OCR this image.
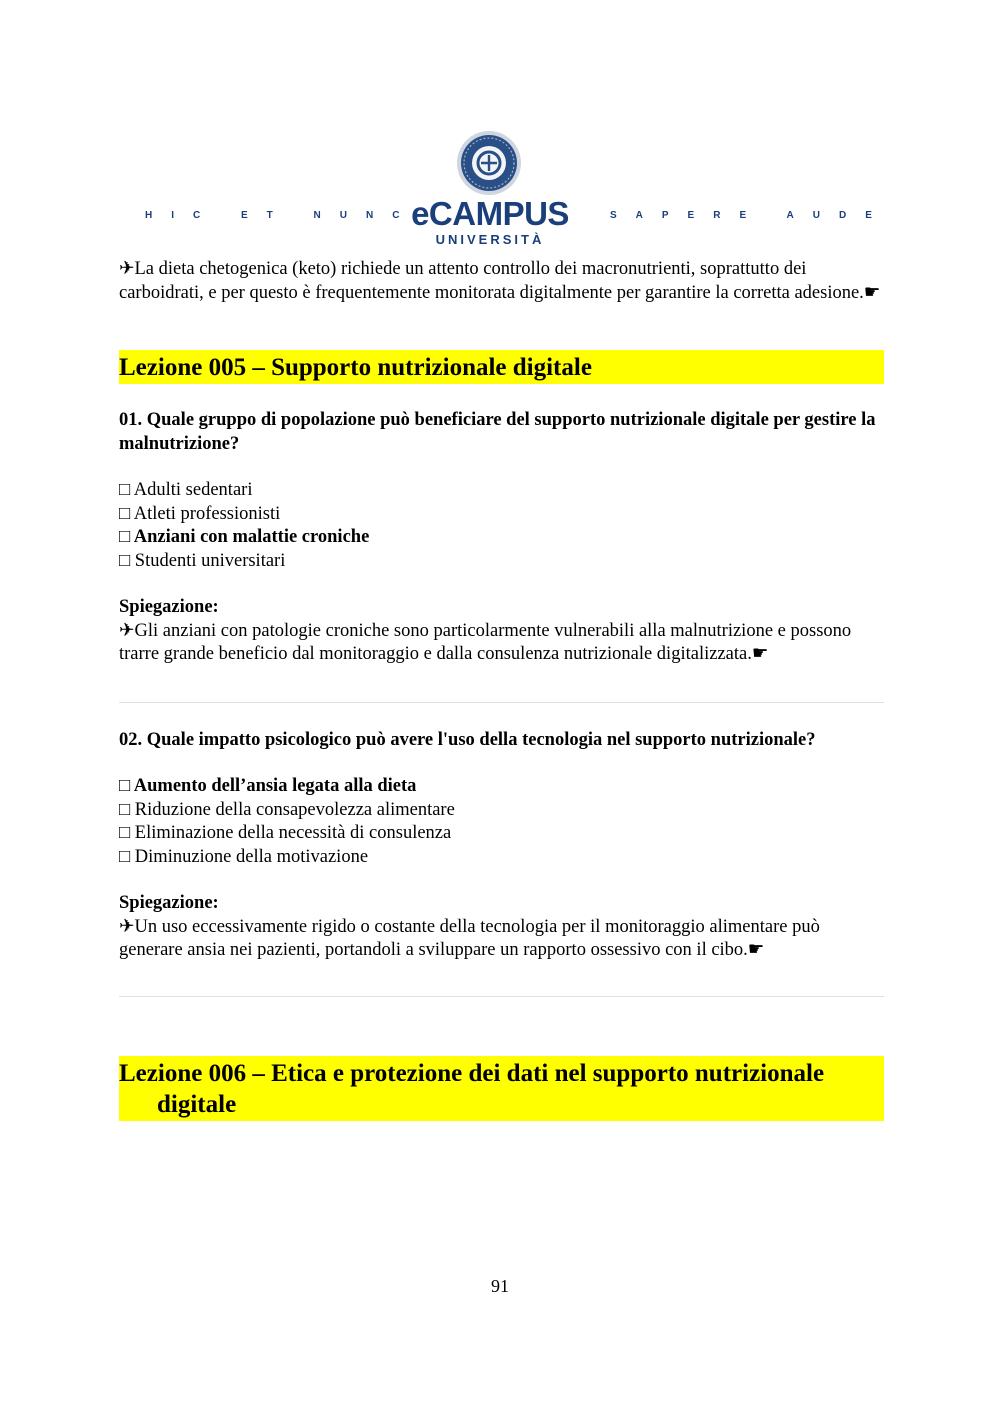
HIC ET NUNC	SAPERE AUDE
eCAMPUS
UNIVERSITÀ

✈La dieta chetogenica (keto) richiede un attento controllo dei macronutrienti, soprattutto dei carboidrati, e per questo è frequentemente monitorata digitalmente per garantire la corretta adesione.☛

Lezione 005 – Supporto nutrizionale digitale

01. Quale gruppo di popolazione può beneficiare del supporto nutrizionale digitale per gestire la malnutrizione?

□ Adulti sedentari
□ Atleti professionisti
□ Anziani con malattie croniche
□ Studenti universitari

Spiegazione:

✈Gli anziani con patologie croniche sono particolarmente vulnerabili alla malnutrizione e possono trarre grande beneficio dal monitoraggio e dalla consulenza nutrizionale digitalizzata.☛

02. Quale impatto psicologico può avere l'uso della tecnologia nel supporto nutrizionale?

□ Aumento dell’ansia legata alla dieta
□ Riduzione della consapevolezza alimentare
□ Eliminazione della necessità di consulenza
□ Diminuzione della motivazione

Spiegazione:

✈Un uso eccessivamente rigido o costante della tecnologia per il monitoraggio alimentare può generare ansia nei pazienti, portandoli a sviluppare un rapporto ossessivo con il cibo.☛

Lezione 006 – Etica e protezione dei dati nel supporto nutrizionale
digitale
91
